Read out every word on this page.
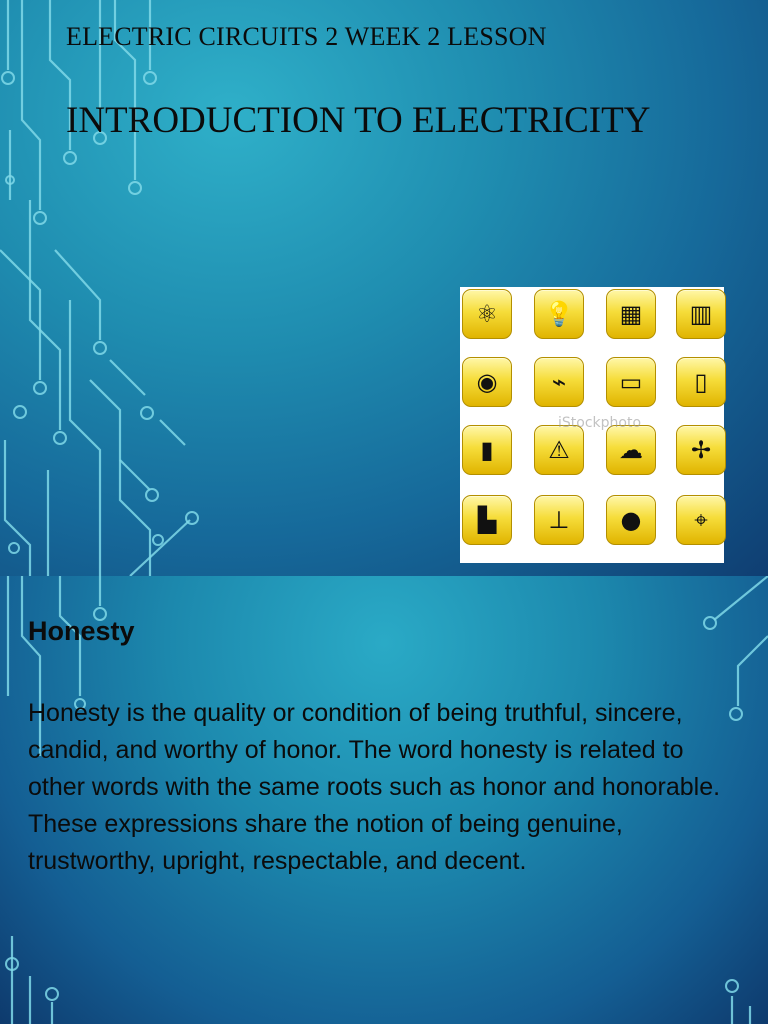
ELECTRIC CIRCUITS 2 WEEK 2 LESSON
INTRODUCTION TO ELECTRICITY
⚛	💡	▦	▥
◉	⌁	▭	▯
▮	⚠	☁	✢
▙	⊥	●	⌖
iStockphoto
Honesty

Honesty is the quality or condition of being truthful, sincere, candid, and worthy of honor. The word honesty is related to other words with the same roots such as honor and honorable. These expressions share the notion of being genuine, trustworthy, upright, respectable, and decent.
